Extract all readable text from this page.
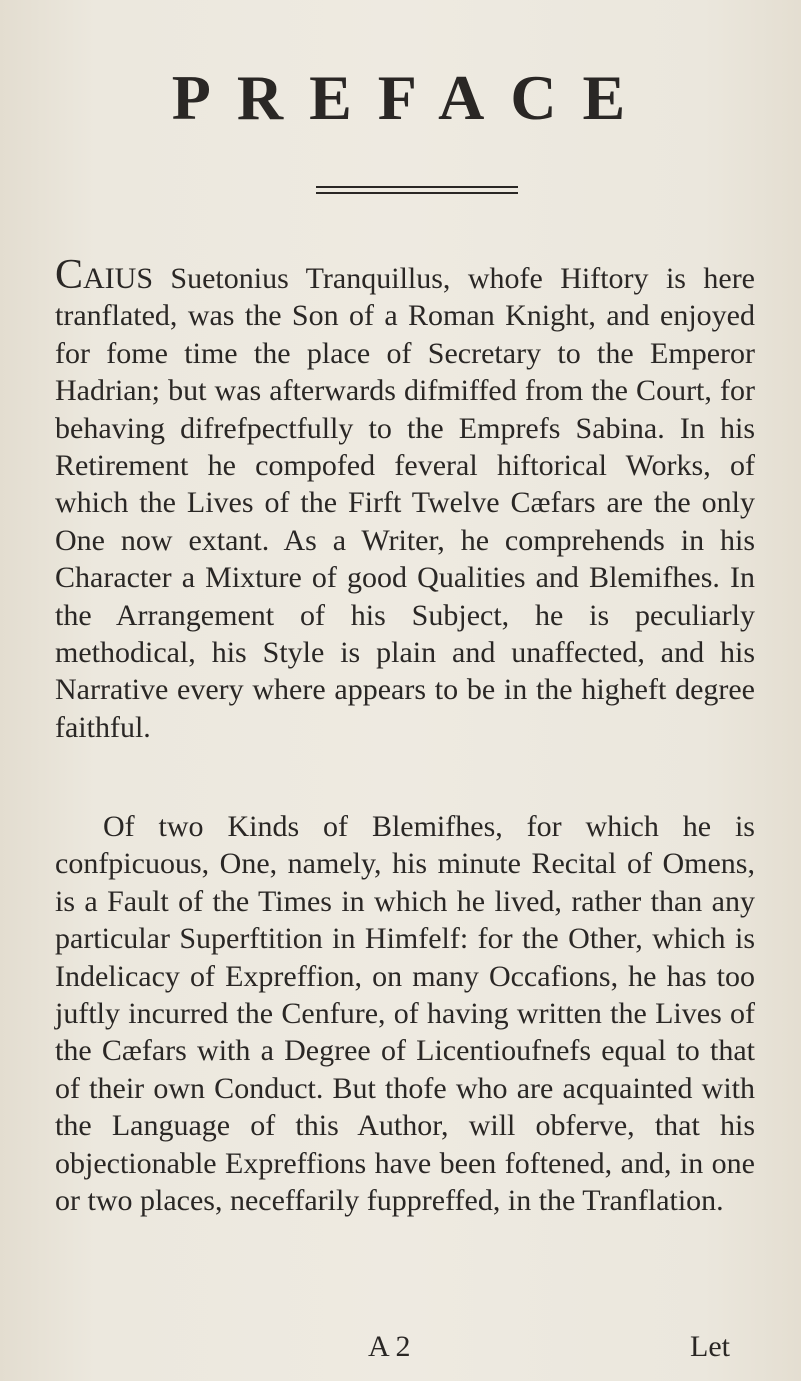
PREFACE

CAIUS Suetonius Tranquillus, whofe Hiftory is here tranflated, was the Son of a Roman Knight, and enjoyed for fome time the place of Secretary to the Emperor Hadrian; but was afterwards difmiffed from the Court, for behaving difrefpectfully to the Emprefs Sabina. In his Retirement he compofed feveral hiftorical Works, of which the Lives of the Firft Twelve Cæfars are the only One now extant. As a Writer, he comprehends in his Character a Mixture of good Qualities and Blemifhes. In the Arrangement of his Subject, he is peculiarly methodical, his Style is plain and unaffected, and his Narrative every where appears to be in the higheft degree faithful.

Of two Kinds of Blemifhes, for which he is confpicuous, One, namely, his minute Recital of Omens, is a Fault of the Times in which he lived, rather than any particular Superftition in Himfelf: for the Other, which is Indelicacy of Expreffion, on many Occafions, he has too juftly incurred the Cenfure, of having written the Lives of the Cæfars with a Degree of Licentioufnefs equal to that of their own Conduct. But thofe who are acquainted with the Language of this Author, will obferve, that his objectionable Expreffions have been foftened, and, in one or two places, neceffarily fuppreffed, in the Tranflation.

A 2	Let
